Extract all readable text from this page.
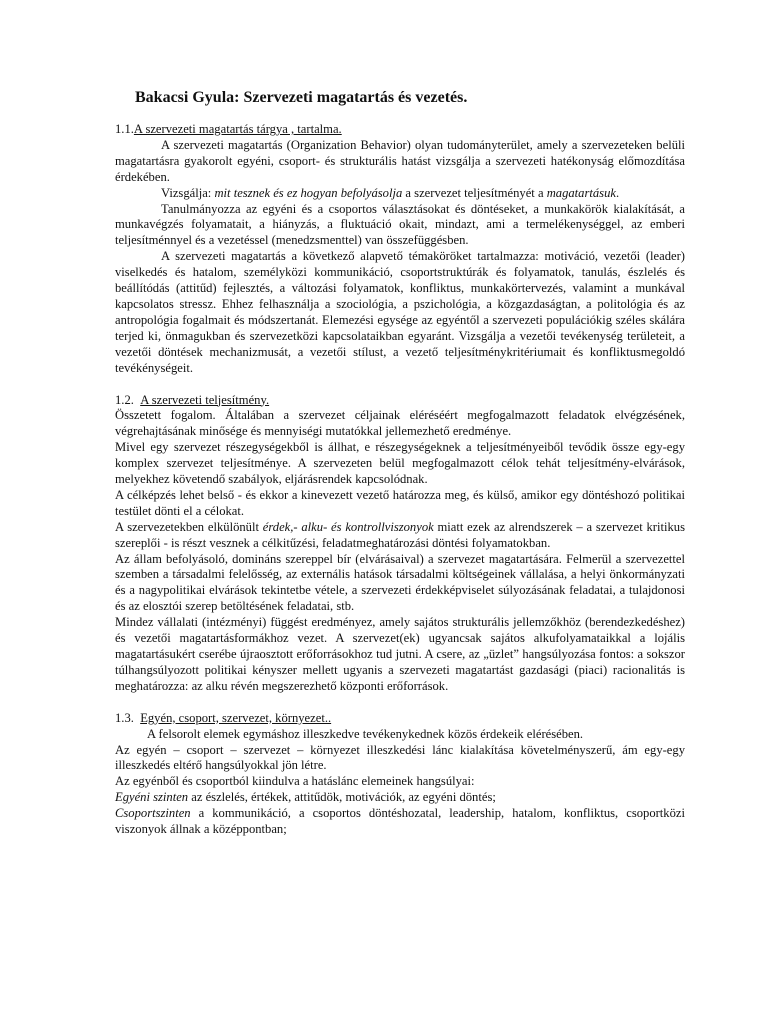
Bakacsi Gyula: Szervezeti magatartás és vezetés.
1.1.A szervezeti magatartás tárgya , tartalma.

A szervezeti magatartás (Organization Behavior) olyan tudományterület, amely a szervezeteken belüli magatartásra gyakorolt egyéni, csoport- és strukturális hatást vizsgálja a szervezeti hatékonyság előmozdítása érdekében.

Vizsgálja: mit tesznek és ez hogyan befolyásolja a szervezet teljesítményét a magatartásuk.

Tanulmányozza az egyéni és a csoportos választásokat és döntéseket, a munkakörök kialakítását, a munkavégzés folyamatait, a hiányzás, a fluktuáció okait, mindazt, ami a termelékenységgel, az emberi teljesítménnyel és a vezetéssel (menedzsmenttel) van összefüggésben.

A szervezeti magatartás a következő alapvető témaköröket tartalmazza: motiváció, vezetői (leader) viselkedés és hatalom, személyközi kommunikáció, csoportstruktúrák és folyamatok, tanulás, észlelés és beállítódás (attitűd) fejlesztés, a változási folyamatok, konfliktus, munkakörtervezés, valamint a munkával kapcsolatos stressz. Ehhez felhasználja a szociológia, a pszichológia, a közgazdaságtan, a politológia és az antropológia fogalmait és módszertanát. Elemezési egysége az egyéntől a szervezeti populációkig széles skálára terjed ki, önmagukban és szervezetközi kapcsolataikban egyaránt. Vizsgálja a vezetői tevékenység területeit, a vezetői döntések mechanizmusát, a vezetői stílust, a vezető teljesítménykritériumait és konfliktusmegoldó tevékénységeit.

1.2. A szervezeti teljesítmény.

Összetett fogalom. Általában a szervezet céljainak eléréséért megfogalmazott feladatok elvégzésének, végrehajtásának minősége és mennyiségi mutatókkal jellemezhető eredménye.

Mivel egy szervezet részegységekből is állhat, e részegységeknek a teljesítményeiből tevődik össze egy-egy komplex szervezet teljesítménye. A szervezeten belül megfogalmazott célok tehát teljesítmény-elvárások, melyekhez követendő szabályok, eljárásrendek kapcsolódnak.

A célképzés lehet belső - és ekkor a kinevezett vezető határozza meg, és külső, amikor egy döntéshozó politikai testület dönti el a célokat.

A szervezetekben elkülönült érdek,- alku- és kontrollviszonyok miatt ezek az alrendszerek – a szervezet kritikus szereplői - is részt vesznek a célkitűzési, feladatmeghatározási döntési folyamatokban.

Az állam befolyásoló, domináns szereppel bír (elvárásaival) a szervezet magatartására. Felmerül a szervezettel szemben a társadalmi felelősség, az externális hatások társadalmi költségeinek vállalása, a helyi önkormányzati és a nagypolitikai elvárások tekintetbe vétele, a szervezeti érdekképviselet súlyozásának feladatai, a tulajdonosi és az elosztói szerep betöltésének feladatai, stb.

Mindez vállalati (intézményi) függést eredményez, amely sajátos strukturális jellemzőkhöz (berendezkedéshez) és vezetői magatartásformákhoz vezet. A szervezet(ek) ugyancsak sajátos alkufolyamataikkal a lojális magatartásukért cserébe újraosztott erőforrásokhoz tud jutni. A csere, az „üzlet” hangsúlyozása fontos: a sokszor túlhangsúlyozott politikai kényszer mellett ugyanis a szervezeti magatartást gazdasági (piaci) racionalitás is meghatározza: az alku révén megszerezhető központi erőforrások.

1.3. Egyén, csoport, szervezet, környezet..

A felsorolt elemek egymáshoz illeszkedve tevékenykednek közös érdekeik elérésében.

Az egyén – csoport – szervezet – környezet illeszkedési lánc kialakítása követelményszerű, ám egy-egy illeszkedés eltérő hangsúlyokkal jön létre.

Az egyénből és csoportból kiindulva a hatáslánc elemeinek hangsúlyai:

Egyéni szinten az észlelés, értékek, attitűdök, motivációk, az egyéni döntés;

Csoportszinten a kommunikáció, a csoportos döntéshozatal, leadership, hatalom, konfliktus, csoportközi viszonyok állnak a középpontban;
